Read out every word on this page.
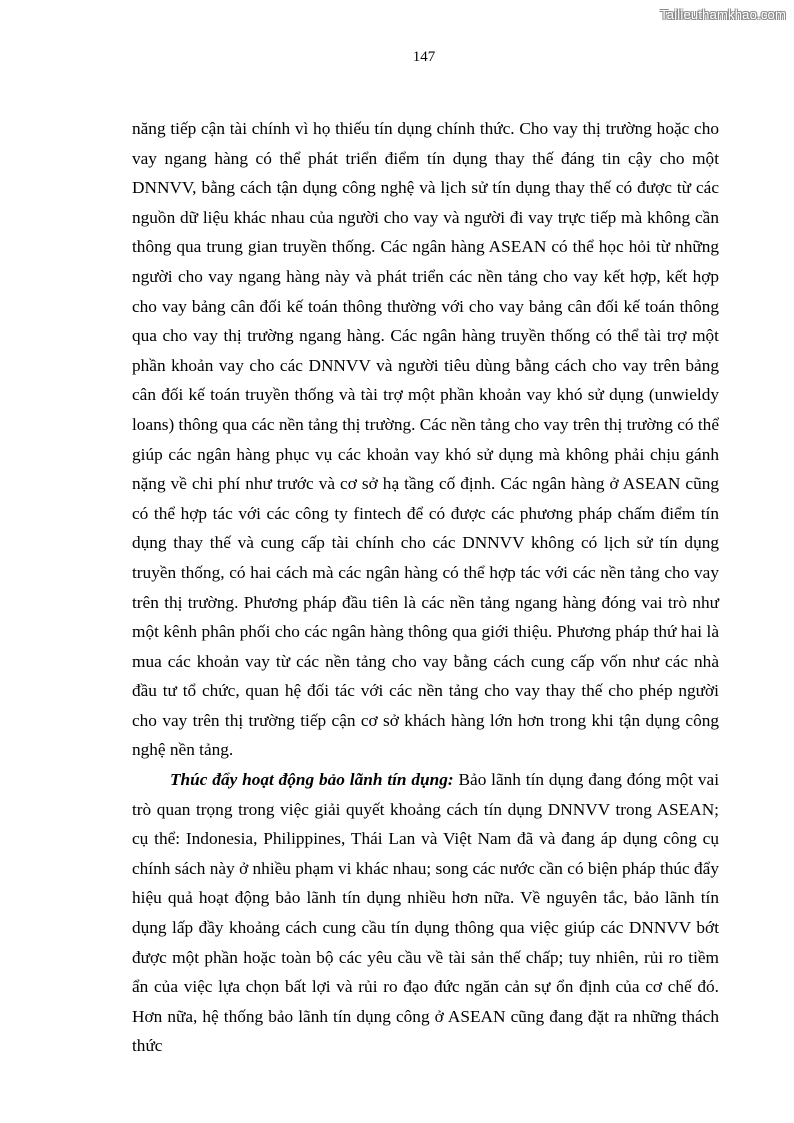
Tailieuthamkhao.com
147

năng tiếp cận tài chính vì họ thiếu tín dụng chính thức. Cho vay thị trường hoặc cho vay ngang hàng có thể phát triển điểm tín dụng thay thế đáng tin cậy cho một DNNVV, bằng cách tận dụng công nghệ và lịch sử tín dụng thay thế có được từ các nguồn dữ liệu khác nhau của người cho vay và người đi vay trực tiếp mà không cần thông qua trung gian truyền thống. Các ngân hàng ASEAN có thể học hỏi từ những người cho vay ngang hàng này và phát triển các nền tảng cho vay kết hợp, kết hợp cho vay bảng cân đối kế toán thông thường với cho vay bảng cân đối kế toán thông qua cho vay thị trường ngang hàng. Các ngân hàng truyền thống có thể tài trợ một phần khoản vay cho các DNNVV và người tiêu dùng bằng cách cho vay trên bảng cân đối kế toán truyền thống và tài trợ một phần khoản vay khó sử dụng (unwieldy loans) thông qua các nền tảng thị trường. Các nền tảng cho vay trên thị trường có thể giúp các ngân hàng phục vụ các khoản vay khó sử dụng mà không phải chịu gánh nặng về chi phí như trước và cơ sở hạ tầng cố định. Các ngân hàng ở ASEAN cũng có thể hợp tác với các công ty fintech để có được các phương pháp chấm điểm tín dụng thay thế và cung cấp tài chính cho các DNNVV không có lịch sử tín dụng truyền thống, có hai cách mà các ngân hàng có thể hợp tác với các nền tảng cho vay trên thị trường. Phương pháp đầu tiên là các nền tảng ngang hàng đóng vai trò như một kênh phân phối cho các ngân hàng thông qua giới thiệu. Phương pháp thứ hai là mua các khoản vay từ các nền tảng cho vay bằng cách cung cấp vốn như các nhà đầu tư tổ chức, quan hệ đối tác với các nền tảng cho vay thay thế cho phép người cho vay trên thị trường tiếp cận cơ sở khách hàng lớn hơn trong khi tận dụng công nghệ nền tảng.

Thúc đẩy hoạt động bảo lãnh tín dụng: Bảo lãnh tín dụng đang đóng một vai trò quan trọng trong việc giải quyết khoảng cách tín dụng DNNVV trong ASEAN; cụ thể: Indonesia, Philippines, Thái Lan và Việt Nam đã và đang áp dụng công cụ chính sách này ở nhiều phạm vi khác nhau; song các nước cần có biện pháp thúc đẩy hiệu quả hoạt động bảo lãnh tín dụng nhiều hơn nữa. Về nguyên tắc, bảo lãnh tín dụng lấp đầy khoảng cách cung cầu tín dụng thông qua việc giúp các DNNVV bớt được một phần hoặc toàn bộ các yêu cầu về tài sản thế chấp; tuy nhiên, rủi ro tiềm ẩn của việc lựa chọn bất lợi và rủi ro đạo đức ngăn cản sự ổn định của cơ chế đó. Hơn nữa, hệ thống bảo lãnh tín dụng công ở ASEAN cũng đang đặt ra những thách thức
